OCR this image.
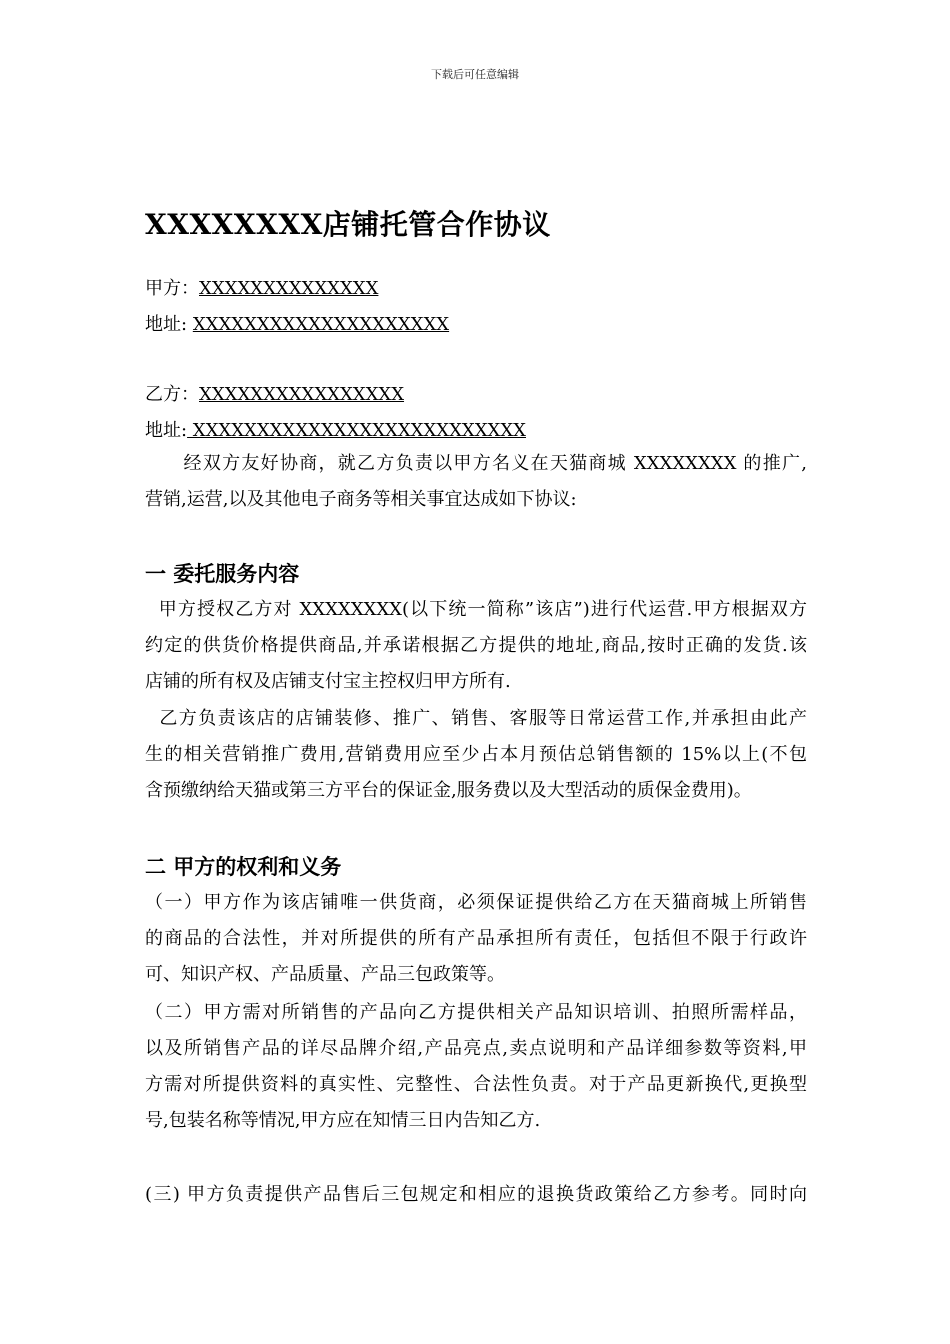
下载后可任意编辑
XXXXXXXX店铺托管合作协议
甲方：XXXXXXXXXXXXXX
地址: XXXXXXXXXXXXXXXXXXXX
乙方：XXXXXXXXXXXXXXXX
地址: XXXXXXXXXXXXXXXXXXXXXXXXXX
　　经双方友好协商，就乙方负责以甲方名义在天猫商城 XXXXXXXX 的推广,
营销,运营,以及其他电子商务等相关事宜达成如下协议:
一 委托服务内容
甲方授权乙方对 XXXXXXXX(以下统一简称”该店”)进行代运营.甲方根据双方
约定的供货价格提供商品,并承诺根据乙方提供的地址,商品,按时正确的发货.该
店铺的所有权及店铺支付宝主控权归甲方所有.
乙方负责该店的店铺装修、推广、销售、客服等日常运营工作,并承担由此产
生的相关营销推广费用,营销费用应至少占本月预估总销售额的 15%以上(不包
含预缴纳给天猫或第三方平台的保证金,服务费以及大型活动的质保金费用)。
二 甲方的权利和义务
（一）甲方作为该店铺唯一供货商，必须保证提供给乙方在天猫商城上所销售
的商品的合法性，并对所提供的所有产品承担所有责任，包括但不限于行政许
可、知识产权、产品质量、产品三包政策等。
（二）甲方需对所销售的产品向乙方提供相关产品知识培训、拍照所需样品，
以及所销售产品的详尽品牌介绍,产品亮点,卖点说明和产品详细参数等资料,甲
方需对所提供资料的真实性、完整性、合法性负责。对于产品更新换代,更换型
号,包装名称等情况,甲方应在知情三日内告知乙方.
(三) 甲方负责提供产品售后三包规定和相应的退换货政策给乙方参考。同时向
